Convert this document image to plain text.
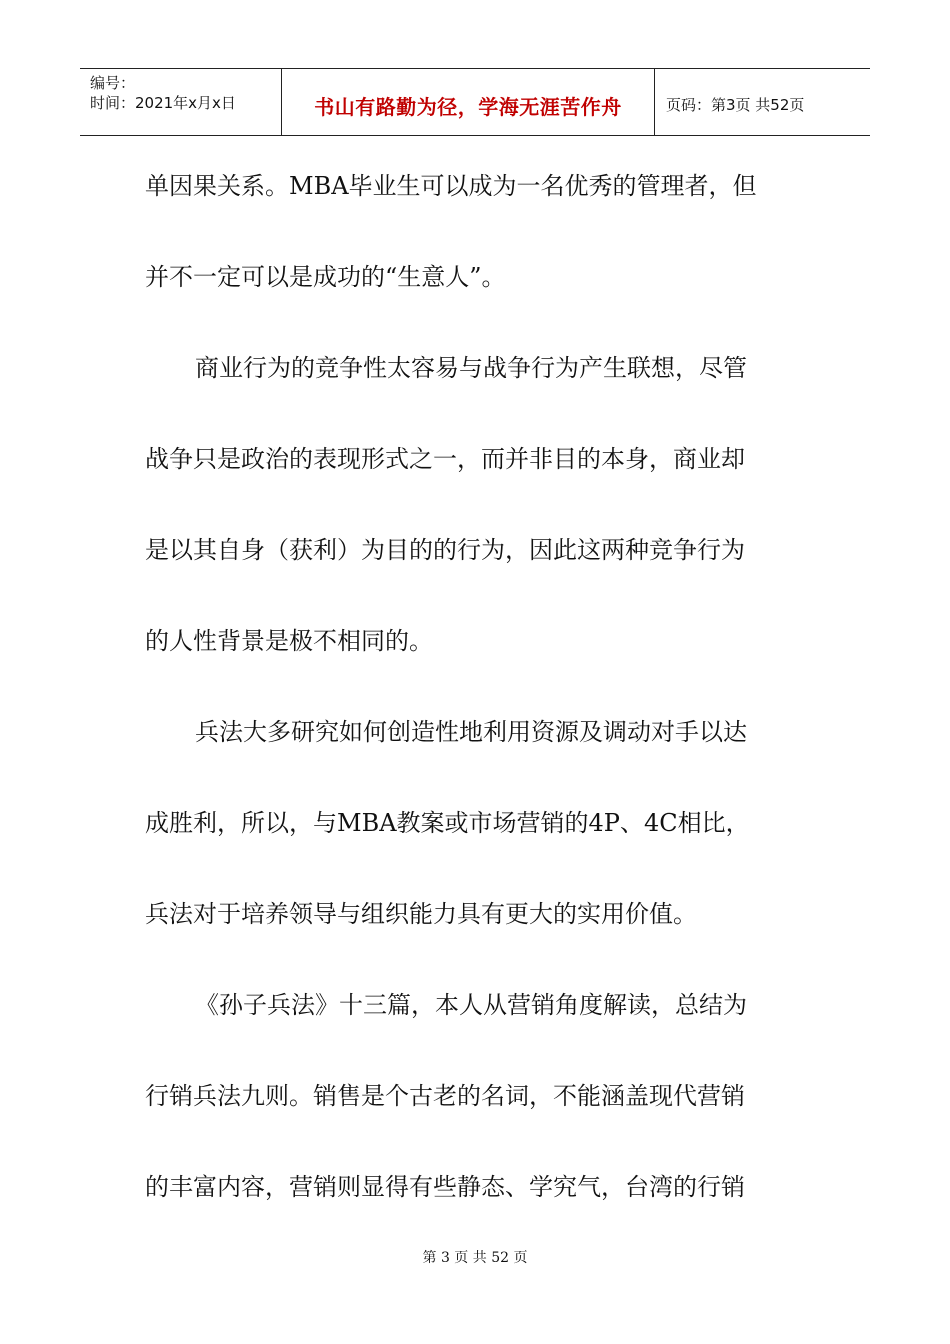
编号：
时间：2021年x月x日	书山有路勤为径，学海无涯苦作舟	页码：第3页 共52页
单因果关系。MBA毕业生可以成为一名优秀的管理者，但

并不一定可以是成功的“生意人”。

商业行为的竞争性太容易与战争行为产生联想，尽管

战争只是政治的表现形式之一，而并非目的本身，商业却

是以其自身（获利）为目的的行为，因此这两种竞争行为

的人性背景是极不相同的。

兵法大多研究如何创造性地利用资源及调动对手以达

成胜利，所以，与MBA教案或市场营销的4P、4C相比，

兵法对于培养领导与组织能力具有更大的实用价值。

《孙子兵法》十三篇，本人从营销角度解读，总结为

行销兵法九则。销售是个古老的名词，不能涵盖现代营销

的丰富内容，营销则显得有些静态、学究气，台湾的行销
第 3 页 共 52 页
